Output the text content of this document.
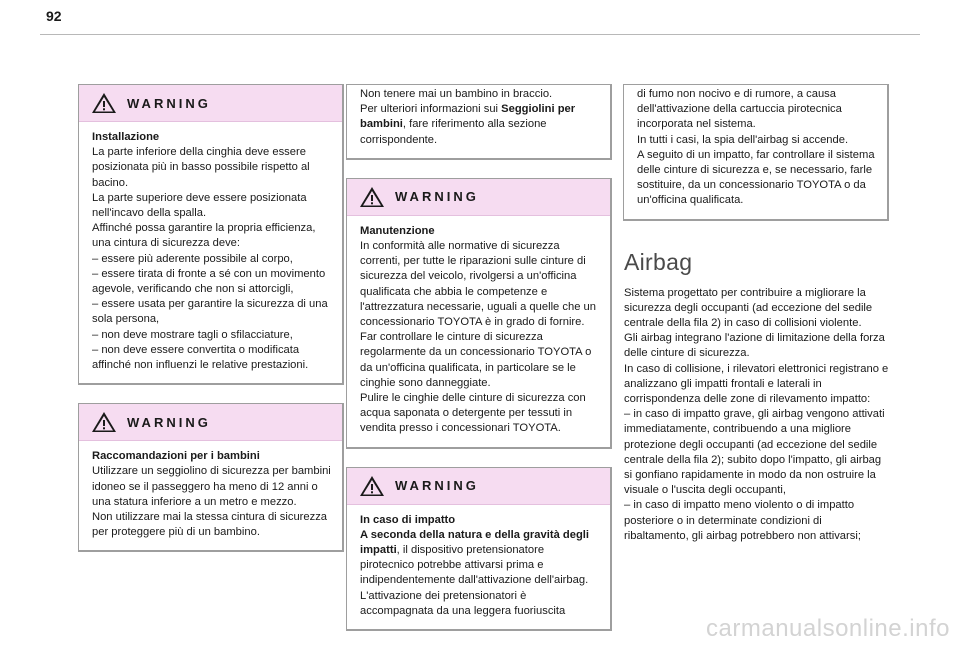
92
WARNING

Installazione

La parte inferiore della cinghia deve essere posizionata più in basso possibile rispetto al bacino.

La parte superiore deve essere posizionata nell'incavo della spalla.

Affinché possa garantire la propria efficienza, una cintura di sicurezza deve:

– essere più aderente possibile al corpo,

– essere tirata di fronte a sé con un movimento agevole, verificando che non si attorcigli,

– essere usata per garantire la sicurezza di una sola persona,

– non deve mostrare tagli o sfilacciature,

– non deve essere convertita o modificata affinché non influenzi le relative prestazioni.

WARNING

Raccomandazioni per i bambini

Utilizzare un seggiolino di sicurezza per bambini idoneo se il passeggero ha meno di 12 anni o una statura inferiore a un metro e mezzo.

Non utilizzare mai la stessa cintura di sicurezza per proteggere più di un bambino.

Non tenere mai un bambino in braccio.

Per ulteriori informazioni sui Seggiolini per bambini, fare riferimento alla sezione corrispondente.

WARNING

Manutenzione

In conformità alle normative di sicurezza correnti, per tutte le riparazioni sulle cinture di sicurezza del veicolo, rivolgersi a un'officina qualificata che abbia le competenze e l'attrezzatura necessarie, uguali a quelle che un concessionario TOYOTA è in grado di fornire.

Far controllare le cinture di sicurezza regolarmente da un concessionario TOYOTA o da un'officina qualificata, in particolare se le cinghie sono danneggiate.

Pulire le cinghie delle cinture di sicurezza con acqua saponata o detergente per tessuti in vendita presso i concessionari TOYOTA.

WARNING

In caso di impatto

A seconda della natura e della gravità degli impatti, il dispositivo pretensionatore pirotecnico potrebbe attivarsi prima e indipendentemente dall'attivazione dell'airbag. L'attivazione dei pretensionatori è accompagnata da una leggera fuoriuscita

di fumo non nocivo e di rumore, a causa dell'attivazione della cartuccia pirotecnica incorporata nel sistema.

In tutti i casi, la spia dell'airbag si accende.

A seguito di un impatto, far controllare il sistema delle cinture di sicurezza e, se necessario, farle sostituire, da un concessionario TOYOTA o da un'officina qualificata.

Airbag

Sistema progettato per contribuire a migliorare la sicurezza degli occupanti (ad eccezione del sedile centrale della fila 2) in caso di collisioni violente.

Gli airbag integrano l'azione di limitazione della forza delle cinture di sicurezza.

In caso di collisione, i rilevatori elettronici registrano e analizzano gli impatti frontali e laterali in corrispondenza delle zone di rilevamento impatto:

– in caso di impatto grave, gli airbag vengono attivati immediatamente, contribuendo a una migliore protezione degli occupanti (ad eccezione del sedile centrale della fila 2); subito dopo l'impatto, gli airbag si gonfiano rapidamente in modo da non ostruire la visuale o l'uscita degli occupanti,

– in caso di impatto meno violento o di impatto posteriore o in determinate condizioni di ribaltamento, gli airbag potrebbero non attivarsi;

carmanualsonline.info
